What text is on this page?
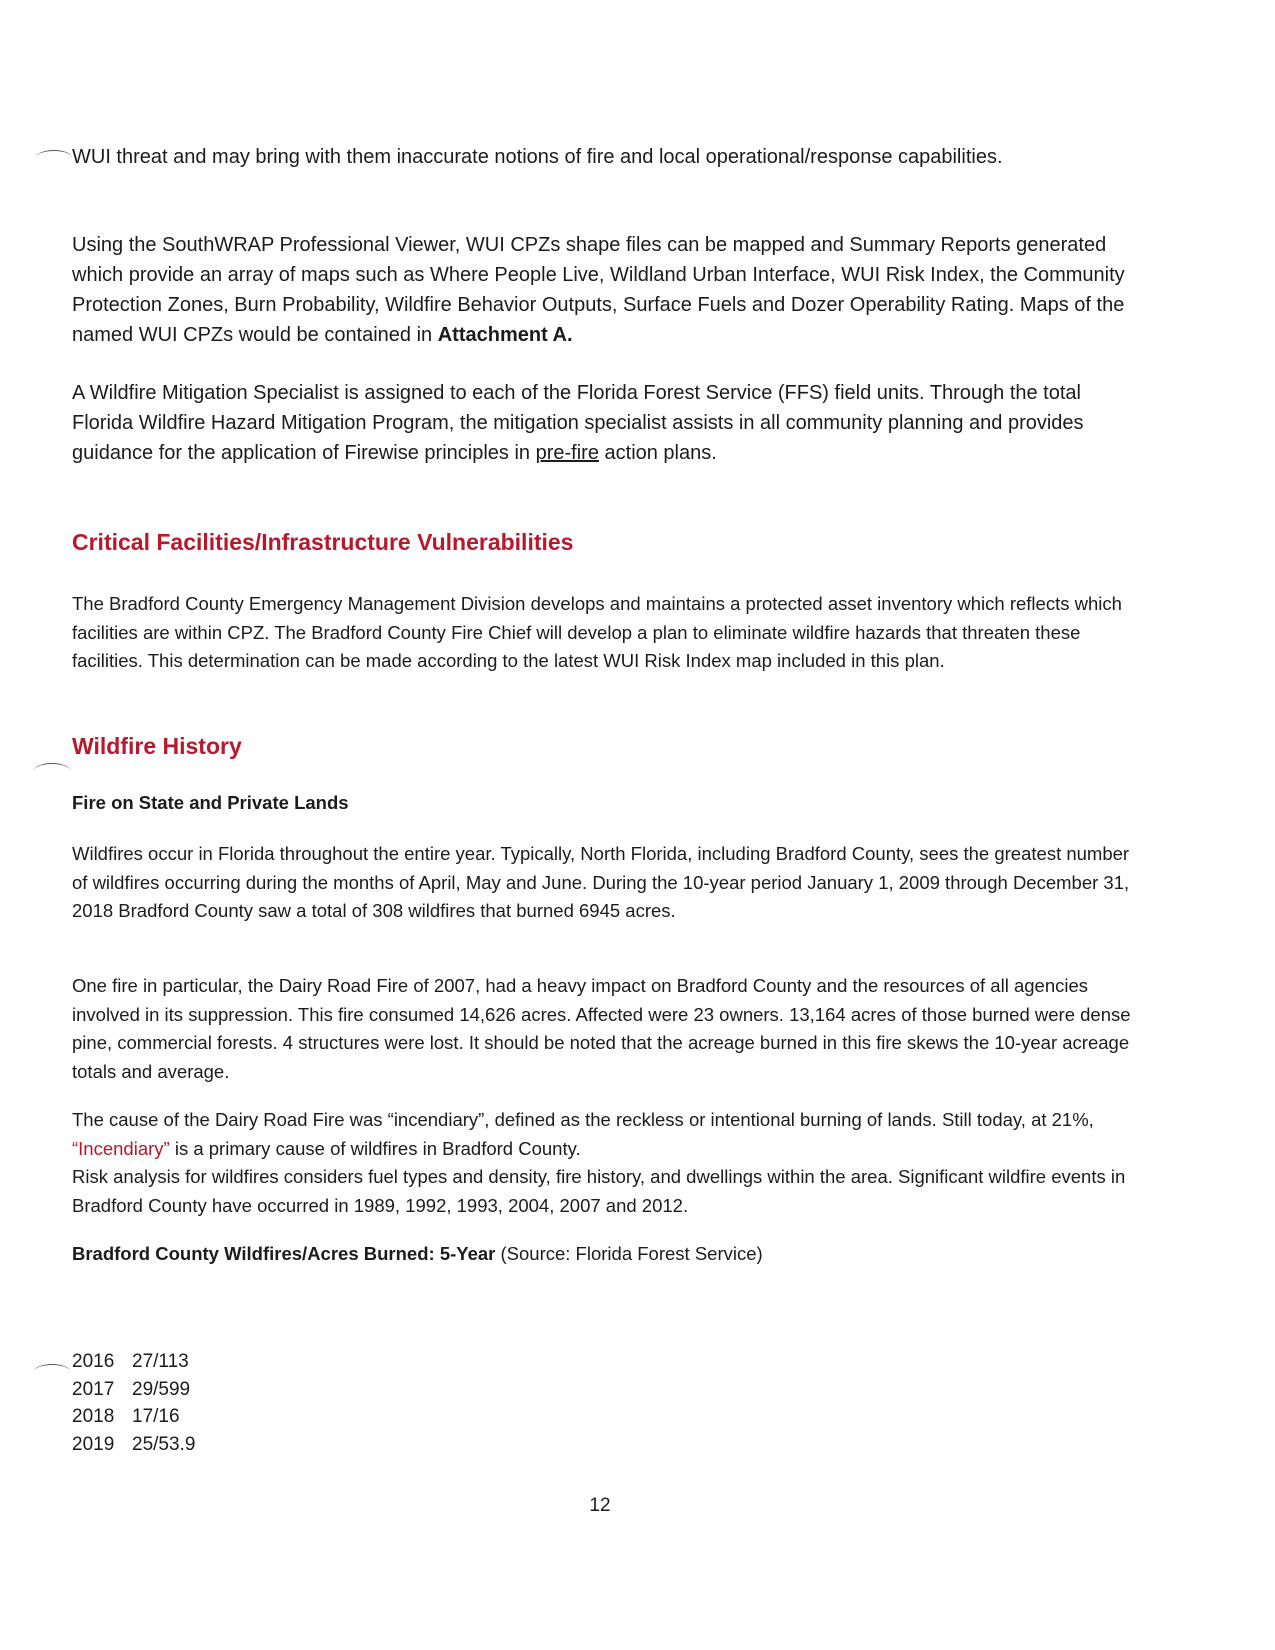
WUI threat and may bring with them inaccurate notions of fire and local operational/response capabilities.

Using the SouthWRAP Professional Viewer, WUI CPZs shape files can be mapped and Summary Reports generated which provide an array of maps such as Where People Live, Wildland Urban Interface, WUI Risk Index, the Community Protection Zones, Burn Probability, Wildfire Behavior Outputs, Surface Fuels and Dozer Operability Rating. Maps of the named WUI CPZs would be contained in Attachment A.

A Wildfire Mitigation Specialist is assigned to each of the Florida Forest Service (FFS) field units. Through the total Florida Wildfire Hazard Mitigation Program, the mitigation specialist assists in all community planning and provides guidance for the application of Firewise principles in pre-fire action plans.

Critical Facilities/Infrastructure Vulnerabilities

The Bradford County Emergency Management Division develops and maintains a protected asset inventory which reflects which facilities are within CPZ. The Bradford County Fire Chief will develop a plan to eliminate wildfire hazards that threaten these facilities. This determination can be made according to the latest WUI Risk Index map included in this plan.

Wildfire History
Fire on State and Private Lands

Wildfires occur in Florida throughout the entire year. Typically, North Florida, including Bradford County, sees the greatest number of wildfires occurring during the months of April, May and June. During the 10-year period January 1, 2009 through December 31, 2018 Bradford County saw a total of 308 wildfires that burned 6945 acres.

One fire in particular, the Dairy Road Fire of 2007, had a heavy impact on Bradford County and the resources of all agencies involved in its suppression. This fire consumed 14,626 acres. Affected were 23 owners. 13,164 acres of those burned were dense pine, commercial forests. 4 structures were lost. It should be noted that the acreage burned in this fire skews the 10-year acreage totals and average.

The cause of the Dairy Road Fire was “incendiary”, defined as the reckless or intentional burning of lands. Still today, at 21%, “Incendiary” is a primary cause of wildfires in Bradford County.
Risk analysis for wildfires considers fuel types and density, fire history, and dwellings within the area. Significant wildfire events in Bradford County have occurred in 1989, 1992, 1993, 2004, 2007 and 2012.

Bradford County Wildfires/Acres Burned: 5-Year (Source: Florida Forest Service)

2016 27/113
2017 29/599
2018 17/16
2019 25/53.9
12
